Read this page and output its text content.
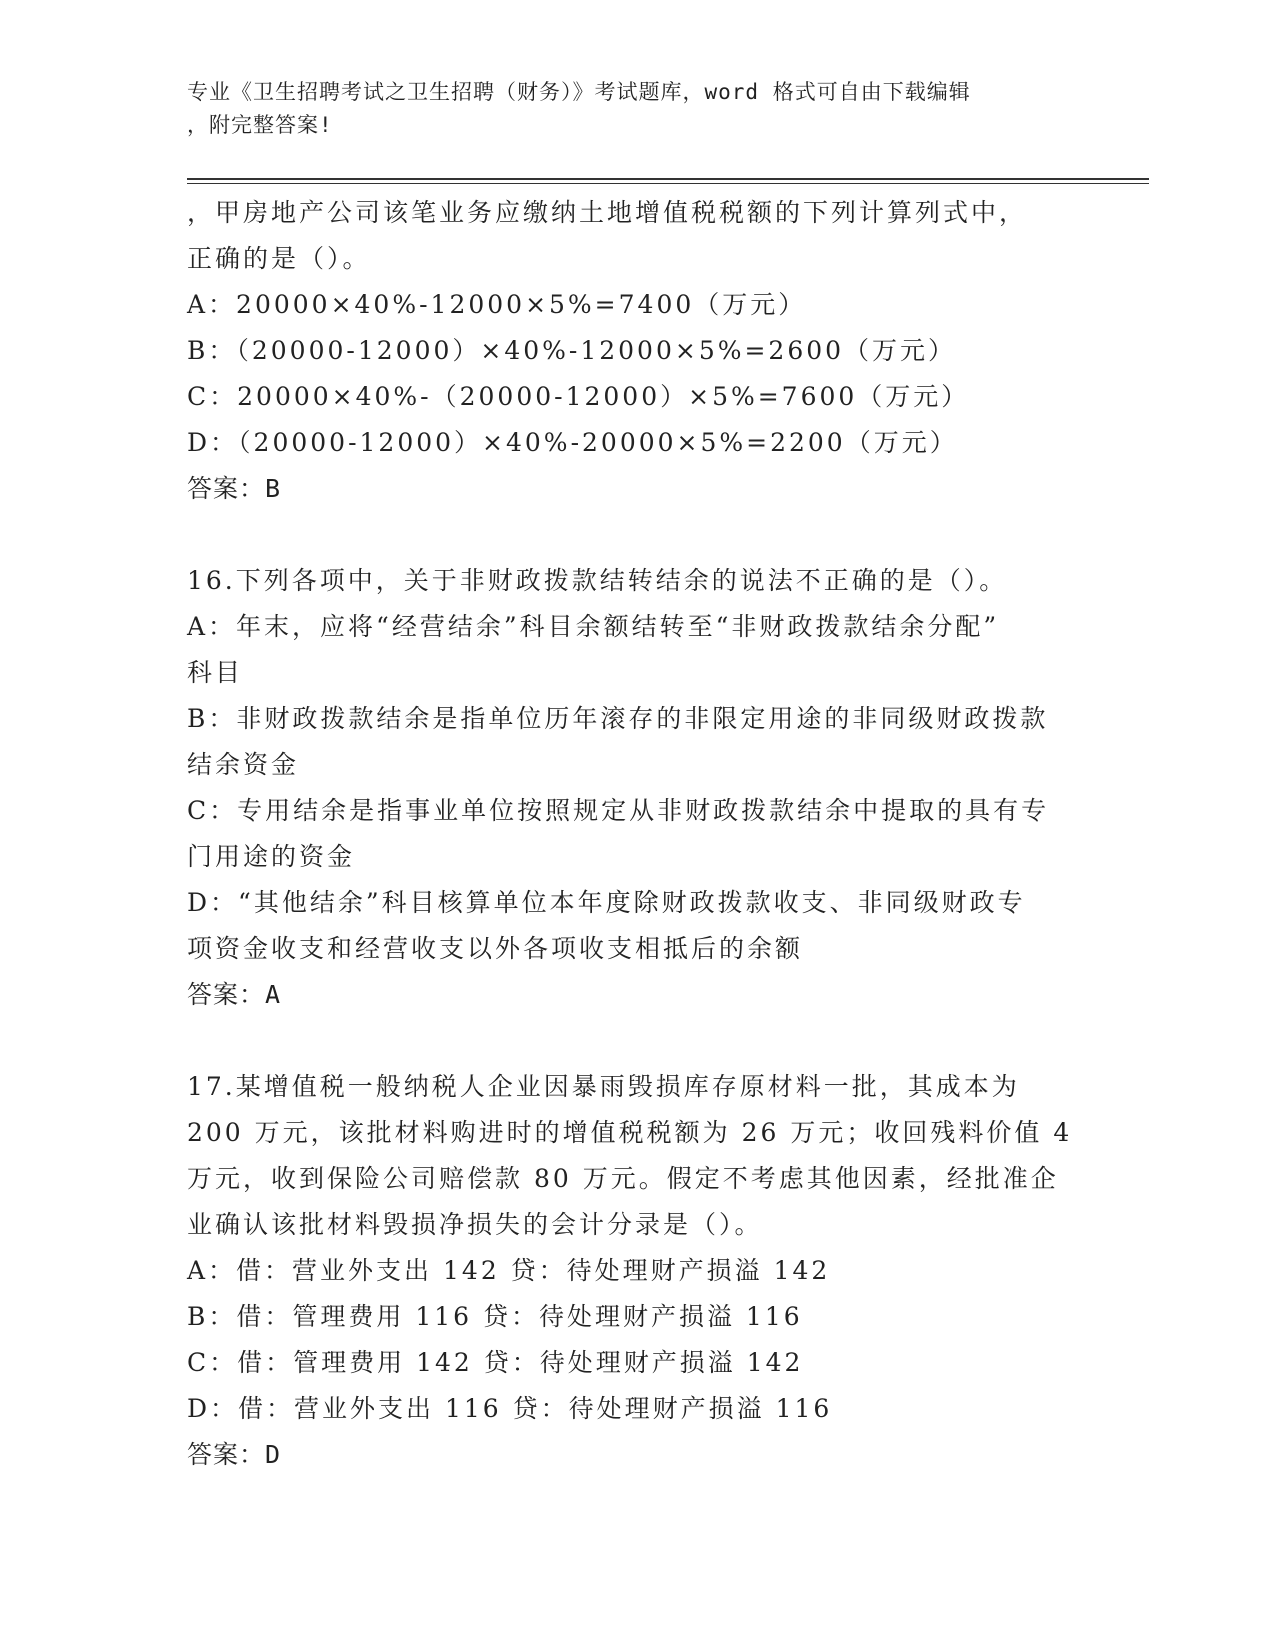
专业《卫生招聘考试之卫生招聘（财务）》考试题库，word 格式可自由下载编辑
，附完整答案!
，甲房地产公司该笔业务应缴纳土地增值税税额的下列计算列式中，
正确的是（）。
A：20000×40%-12000×5%=7400（万元）
B：（20000-12000）×40%-12000×5%=2600（万元）
C：20000×40%-（20000-12000）×5%=7600（万元）
D：（20000-12000）×40%-20000×5%=2200（万元）
答案：B
16.下列各项中，关于非财政拨款结转结余的说法不正确的是（）。
A：年末，应将“经营结余”科目余额结转至“非财政拨款结余分配”
科目
B：非财政拨款结余是指单位历年滚存的非限定用途的非同级财政拨款
结余资金
C：专用结余是指事业单位按照规定从非财政拨款结余中提取的具有专
门用途的资金
D：“其他结余”科目核算单位本年度除财政拨款收支、非同级财政专
项资金收支和经营收支以外各项收支相抵后的余额
答案：A
17.某增值税一般纳税人企业因暴雨毁损库存原材料一批，其成本为
200 万元，该批材料购进时的增值税税额为 26 万元；收回残料价值 4
万元，收到保险公司赔偿款 80 万元。假定不考虑其他因素，经批准企
业确认该批材料毁损净损失的会计分录是（）。
A：借：营业外支出 142 贷：待处理财产损溢 142
B：借：管理费用 116 贷：待处理财产损溢 116
C：借：管理费用 142 贷：待处理财产损溢 142
D：借：营业外支出 116 贷：待处理财产损溢 116
答案：D
